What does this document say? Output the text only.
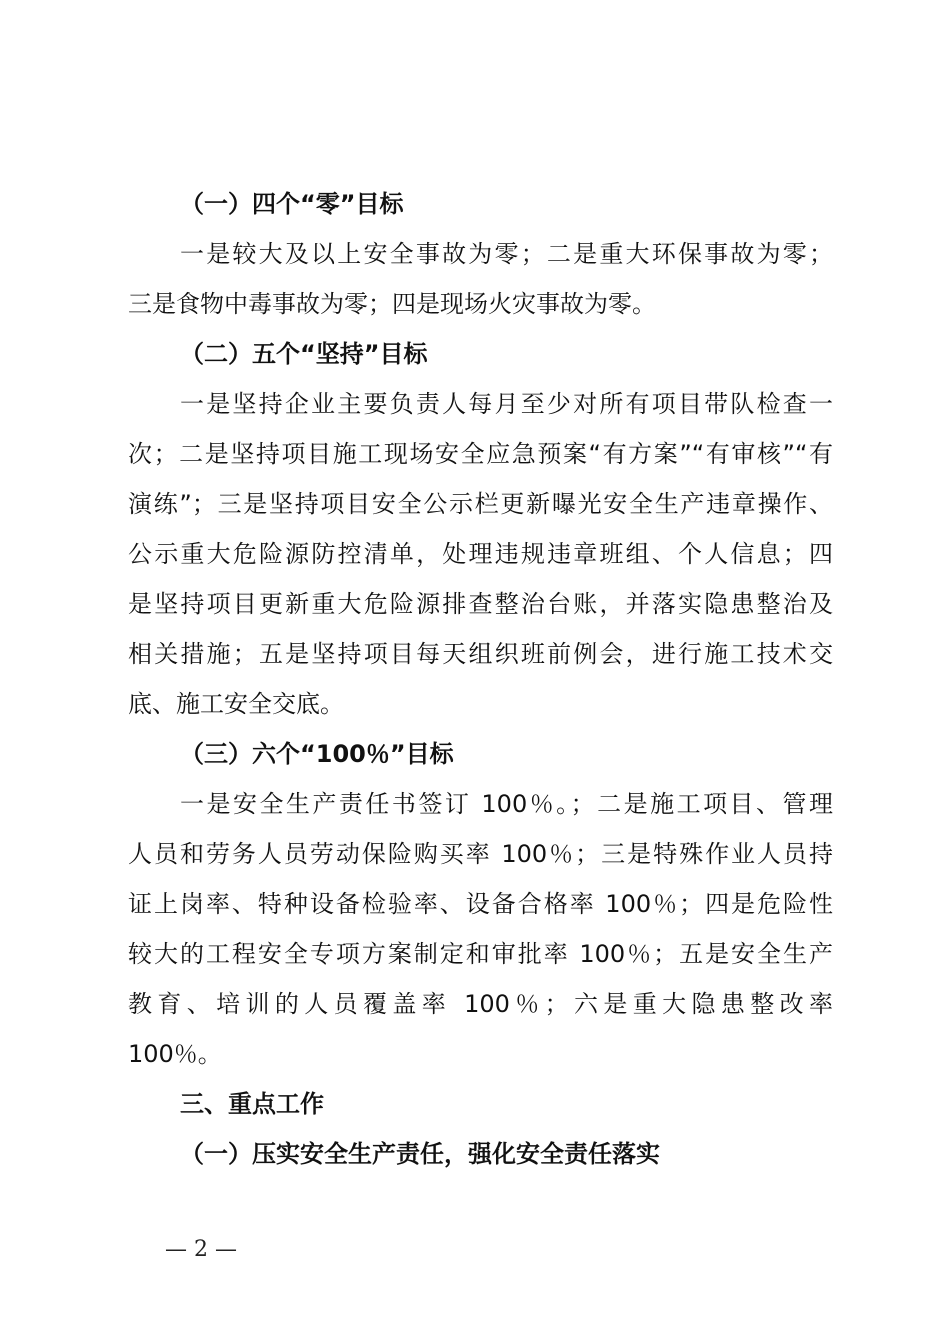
（一）四个“零”目标
一是较大及以上安全事故为零；二是重大环保事故为零；
三是食物中毒事故为零；四是现场火灾事故为零。
（二）五个“坚持”目标
一是坚持企业主要负责人每月至少对所有项目带队检查一
次；二是坚持项目施工现场安全应急预案“有方案”“有审核”“有
演练”；三是坚持项目安全公示栏更新曝光安全生产违章操作、
公示重大危险源防控清单，处理违规违章班组、个人信息；四
是坚持项目更新重大危险源排查整治台账，并落实隐患整治及
相关措施；五是坚持项目每天组织班前例会，进行施工技术交
底、施工安全交底。
（三）六个“100％”目标
一是安全生产责任书签订 100％。；二是施工项目、管理
人员和劳务人员劳动保险购买率 100％；三是特殊作业人员持
证上岗率、特种设备检验率、设备合格率 100％；四是危险性
较大的工程安全专项方案制定和审批率 100％；五是安全生产
教育、培训的人员覆盖率 100％；六是重大隐患整改率
100％。
三、重点工作
（一）压实安全生产责任，强化安全责任落实
— 2 —
